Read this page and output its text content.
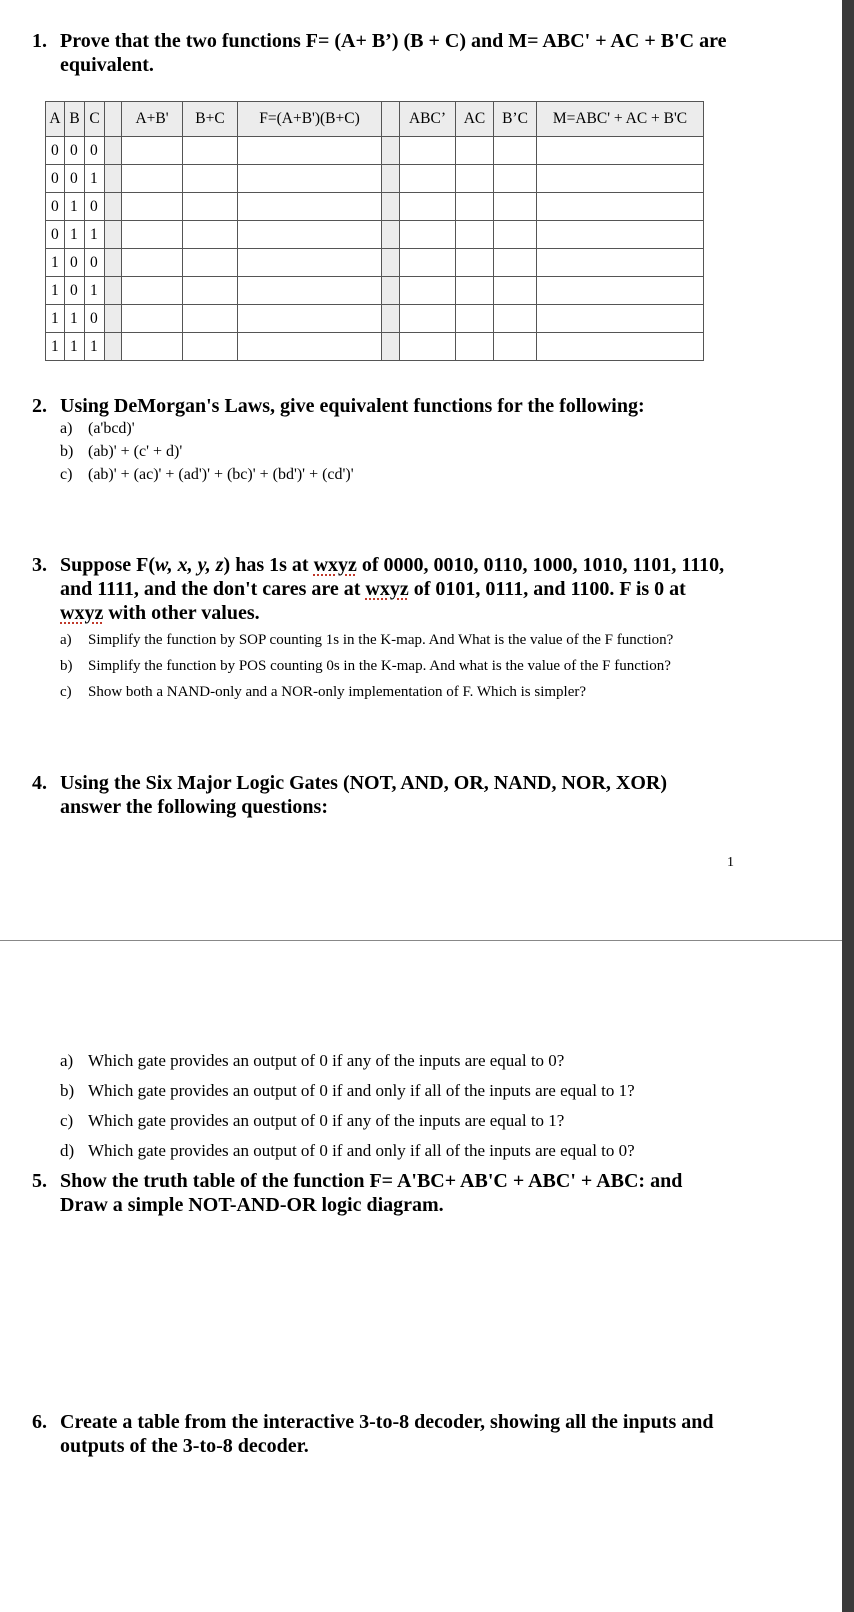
1. Prove that the two functions F= (A+ B’) (B + C) and M= ABC' + AC + B'C are equivalent.
A	B	C		A+B'	B+C	F=(A+B')(B+C)		ABC’	AC	B’C	M=ABC' + AC + B'C
0	0	0									
0	0	1									
0	1	0									
0	1	1									
1	0	0									
1	0	1									
1	1	0									
1	1	1									
2. Using DeMorgan's Laws, give equivalent functions for the following:
a) (a'bcd)'
b) (ab)' + (c' + d)'
c) (ab)' + (ac)' + (ad')' + (bc)' + (bd')' + (cd')'
3. Suppose F(w, x, y, z) has 1s at wxyz of 0000, 0010, 0110, 1000, 1010, 1101, 1110,
and 1111, and the don't cares are at wxyz of 0101, 0111, and 1100. F is 0 at
wxyz with other values.
a) Simplify the function by SOP counting 1s in the K-map. And What is the value of the F function?
b) Simplify the function by POS counting 0s in the K-map. And what is the value of the F function?
c) Show both a NAND-only and a NOR-only implementation of F. Which is simpler?
4. Using the Six Major Logic Gates (NOT, AND, OR, NAND, NOR, XOR) answer the following questions:
1
a) Which gate provides an output of 0 if any of the inputs are equal to 0?
b) Which gate provides an output of 0 if and only if all of the inputs are equal to 1?
c) Which gate provides an output of 0 if any of the inputs are equal to 1?
d) Which gate provides an output of 0 if and only if all of the inputs are equal to 0?
5. Show the truth table of the function F= A'BC+ AB'C + ABC' + ABC: and Draw a simple NOT-AND-OR logic diagram.
6. Create a table from the interactive 3-to-8 decoder, showing all the inputs and outputs of the 3-to-8 decoder.
